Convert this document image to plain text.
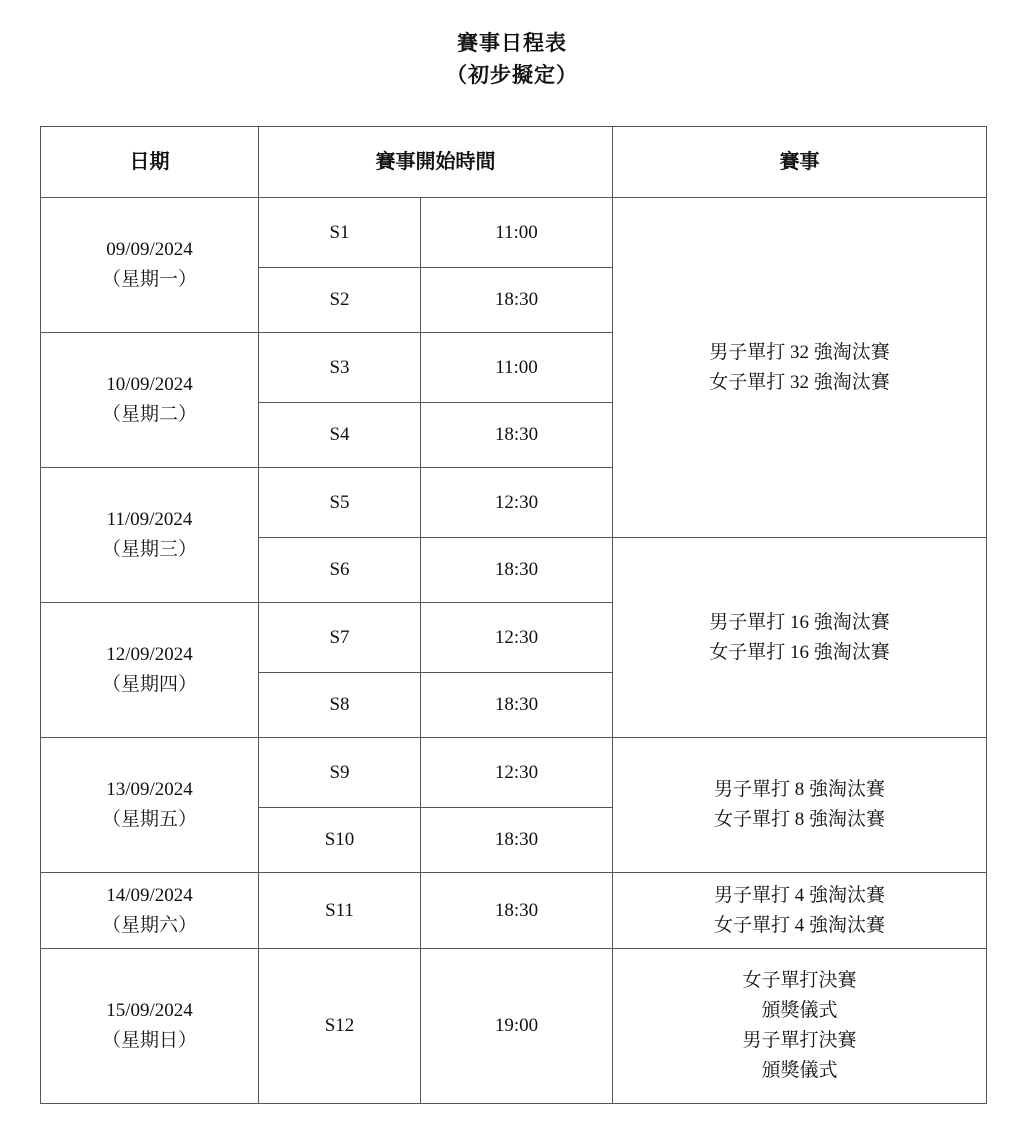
賽事日程表
（初步擬定）
日期	賽事開始時間		賽事

09/09/2024
（星期一）	S1	11:00	男子單打 32 強淘汰賽
女子單打 32 強淘汰賽

	S2	18:30	

10/09/2024
（星期二）	S3	11:00	
	S4	18:30	

11/09/2024
（星期三）	S5	12:30	
	S6	18:30	男子單打 16 強淘汰賽
女子單打 16 強淘汰賽

12/09/2024
（星期四）	S7	12:30	
	S8	18:30	

13/09/2024
（星期五）	S9	12:30	男子單打 8 強淘汰賽
女子單打 8 強淘汰賽

	S10	18:30	

14/09/2024
（星期六）	S11	18:30	男子單打 4 強淘汰賽
女子單打 4 強淘汰賽

15/09/2024
（星期日）	S12	19:00	女子單打決賽
頒獎儀式
男子單打決賽
頒獎儀式
